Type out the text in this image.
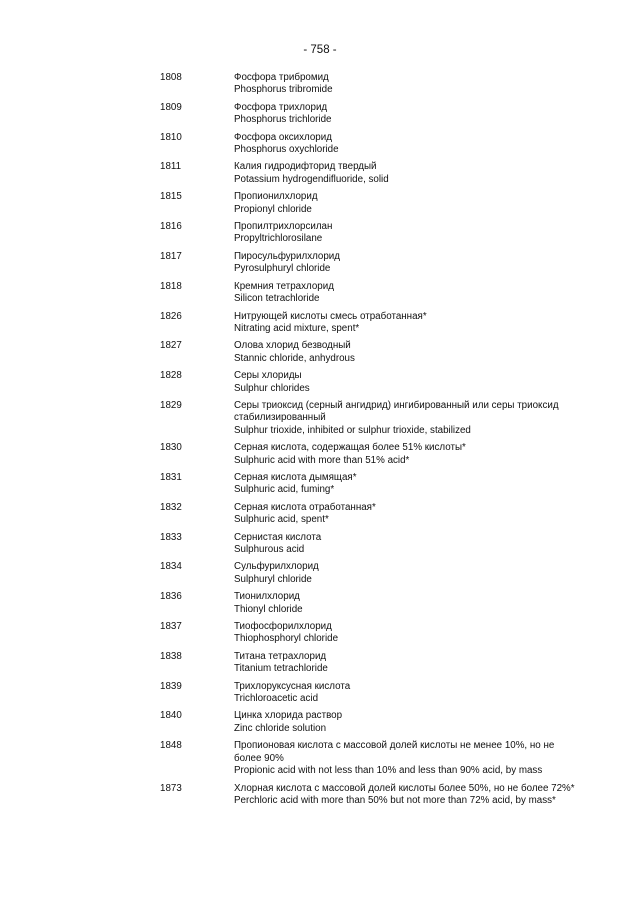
- 758 -
1808	Фосфора трибромид
Phosphorus tribromide
1809	Фосфора трихлорид
Phosphorus trichloride
1810	Фосфора оксихлорид
Phosphorus oxychloride
1811	Калия гидродифторид твердый
Potassium hydrogendifluoride, solid
1815	Пропионилхлорид
Propionyl chloride
1816	Пропилтрихлорсилан
Propyltrichlorosilane
1817	Пиросульфурилхлорид
Pyrosulphuryl chloride
1818	Кремния тетрахлорид
Silicon tetrachloride
1826	Нитрующей кислоты смесь отработанная*
Nitrating acid mixture, spent*
1827	Олова хлорид безводный
Stannic chloride, anhydrous
1828	Серы хлориды
Sulphur chlorides
1829	Серы триоксид (серный ангидрид) ингибированный или серы триоксид стабилизированный
Sulphur trioxide, inhibited or sulphur trioxide, stabilized
1830	Серная кислота, содержащая более 51% кислоты*
Sulphuric acid with more than 51% acid*
1831	Серная кислота дымящая*
Sulphuric acid, fuming*
1832	Серная кислота отработанная*
Sulphuric acid, spent*
1833	Сернистая кислота
Sulphurous acid
1834	Сульфурилхлорид
Sulphuryl chloride
1836	Тионилхлорид
Thionyl chloride
1837	Тиофосфорилхлорид
Thiophosphoryl chloride
1838	Титана тетрахлорид
Titanium tetrachloride
1839	Трихлоруксусная кислота
Trichloroacetic acid
1840	Цинка хлорида раствор
Zinc chloride solution
1848	Пропионовая кислота с массовой долей кислоты не менее 10%, но не более 90%
Propionic acid with not less than 10% and less than 90% acid, by mass
1873	Хлорная кислота с массовой долей кислоты более 50%, но не более 72%*
Perchloric acid with more than 50% but not more than 72% acid, by mass*
